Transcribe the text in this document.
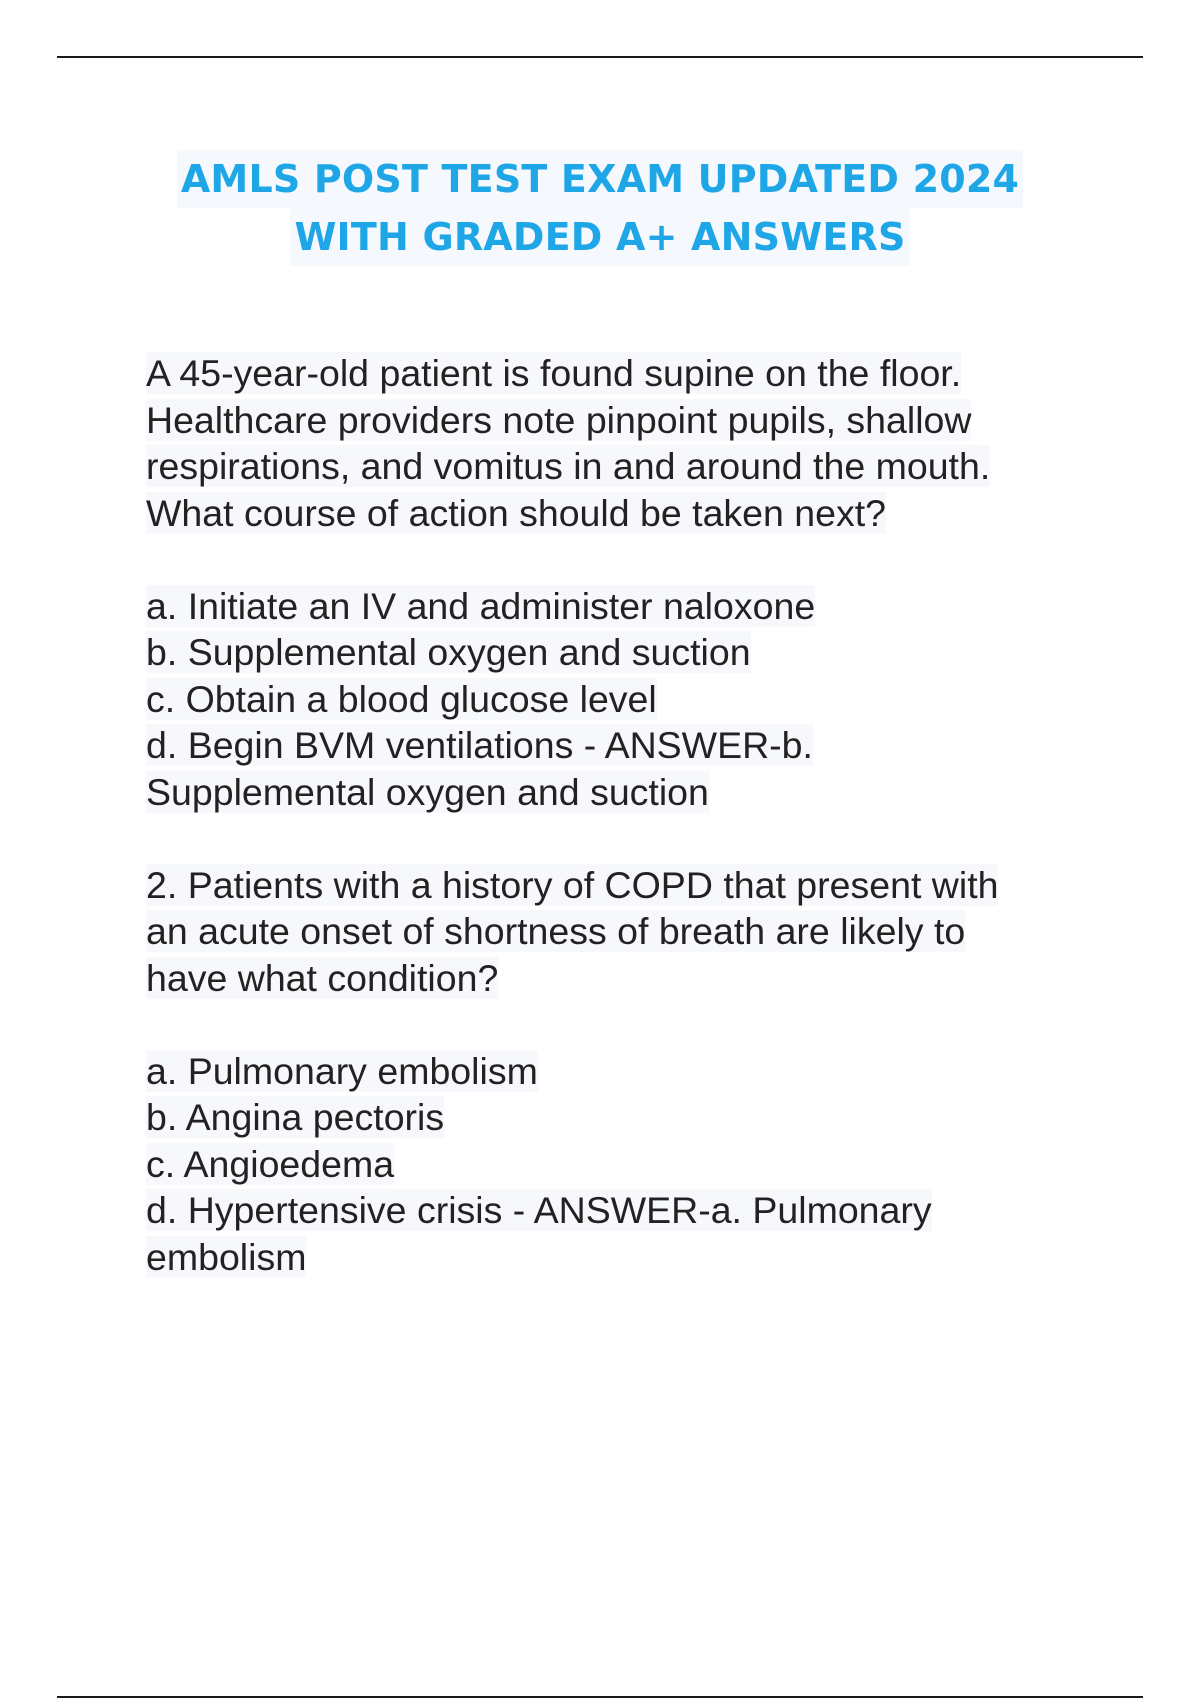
AMLS POST TEST EXAM UPDATED 2024
WITH GRADED A+ ANSWERS
A 45-year-old patient is found supine on the floor.
Healthcare providers note pinpoint pupils, shallow
respirations, and vomitus in and around the mouth.
What course of action should be taken next?
a. Initiate an IV and administer naloxone
b. Supplemental oxygen and suction
c. Obtain a blood glucose level
d. Begin BVM ventilations - ANSWER-b.
Supplemental oxygen and suction
2. Patients with a history of COPD that present with
an acute onset of shortness of breath are likely to
have what condition?
a. Pulmonary embolism
b. Angina pectoris
c. Angioedema
d. Hypertensive crisis - ANSWER-a. Pulmonary
embolism
